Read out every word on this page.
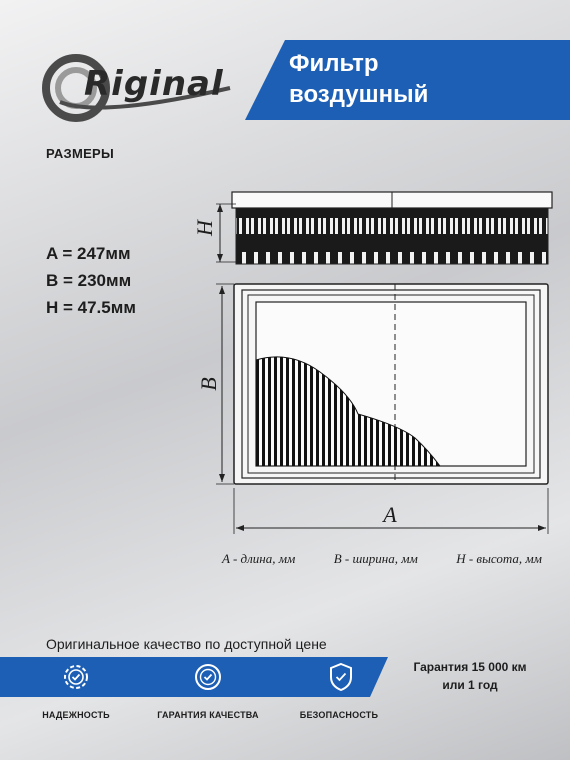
Riginal
Фильтр
воздушный
РАЗМЕРЫ
A = 247мм
B = 230мм
H = 47.5мм
H
B
A
A - длина, мм	B - ширина, мм	H - высота, мм
Оригинальное качество по доступной цене
НАДЕЖНОСТЬ	ГАРАНТИЯ КАЧЕСТВА	БЕЗОПАСНОСТЬ
Гарантия 15 000 км
или 1 год
